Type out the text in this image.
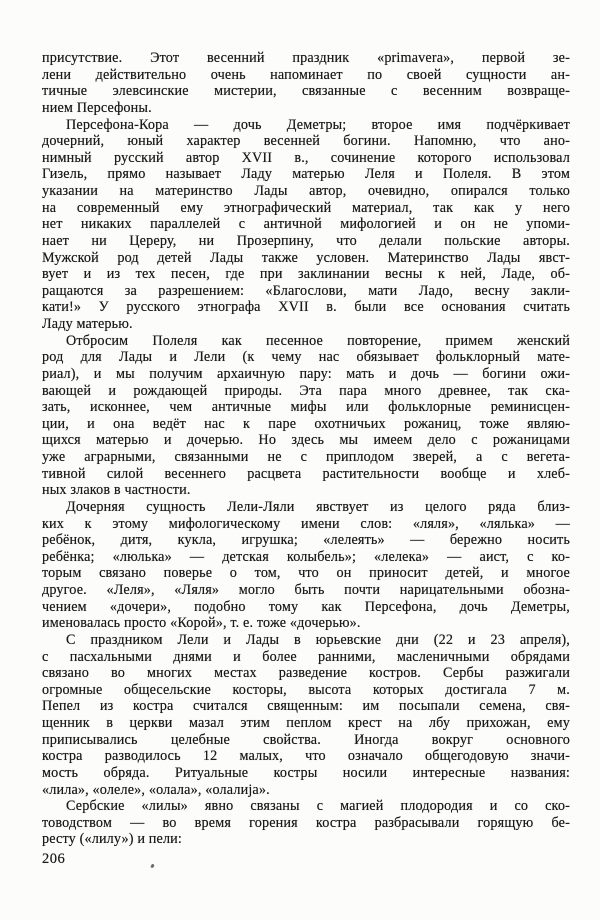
присутствие. Этот весенний праздник «primavera», первой зе-
лени действительно очень напоминает по своей сущности ан-
тичные элевсинские мистерии, связанные с весенним возвраще-
нием Персефоны.
Персефона-Кора — дочь Деметры; второе имя подчёркивает
дочерний, юный характер весенней богини. Напомню, что ано-
нимный русский автор XVII в., сочинение которого использовал
Гизель, прямо называет Ладу матерью Леля и Полеля. В этом
указании на материнство Лады автор, очевидно, опирался только
на современный ему этнографический материал, так как у него
нет никаких параллелей с античной мифологией и он не упоми-
нает ни Цереру, ни Прозерпину, что делали польские авторы.
Мужской род детей Лады также условен. Материнство Лады явст-
вует и из тех песен, где при заклинании весны к ней, Ладе, об-
ращаются за разрешением: «Благослови, мати Ладо, весну закли-
кати!» У русского этнографа XVII в. были все основания считать
Ладу матерью.
Отбросим Полеля как песенное повторение, примем женский
род для Лады и Лели (к чему нас обязывает фольклорный мате-
риал), и мы получим архаичную пару: мать и дочь — богини ожи-
вающей и рождающей природы. Эта пара много древнее, так ска-
зать, исконнее, чем античные мифы или фольклорные реминисцен-
ции, и она ведёт нас к паре охотничьих рожаниц, тоже являю-
щихся матерью и дочерью. Но здесь мы имеем дело с рожаницами
уже аграрными, связанными не с приплодом зверей, а с вегета-
тивной силой весеннего расцвета растительности вообще и хлеб-
ных злаков в частности.
Дочерняя сущность Лели-Ляли явствует из целого ряда близ-
ких к этому мифологическому имени слов: «ляля», «лялька» —
ребёнок, дитя, кукла, игрушка; «лелеять» — бережно носить
ребёнка; «люлька» — детская колыбель»; «лелека» — аист, с ко-
торым связано поверье о том, что он приносит детей, и многое
другое. «Леля», «Ляля» могло быть почти нарицательными обозна-
чением «дочери», подобно тому как Персефона, дочь Деметры,
именовалась просто «Корой», т. е. тоже «дочерью».
С праздником Лели и Лады в юрьевские дни (22 и 23 апреля),
с пасхальными днями и более ранними, масленичными обрядами
связано во многих местах разведение костров. Сербы разжигали
огромные общесельские косторы, высота которых достигала 7 м.
Пепел из костра считался священным: им посыпали семена, свя-
щенник в церкви мазал этим пеплом крест на лбу прихожан, ему
приписывались целебные свойства. Иногда вокруг основного
костра разводилось 12 малых, что означало общегодовую значи-
мость обряда. Ритуальные костры носили интересные названия:
«лила», «олеле», «олала», «олалија».
Сербские «лилы» явно связаны с магией плодородия и со ско-
товодством — во время горения костра разбрасывали горящую бе-
ресту («лилу») и пели:
206
